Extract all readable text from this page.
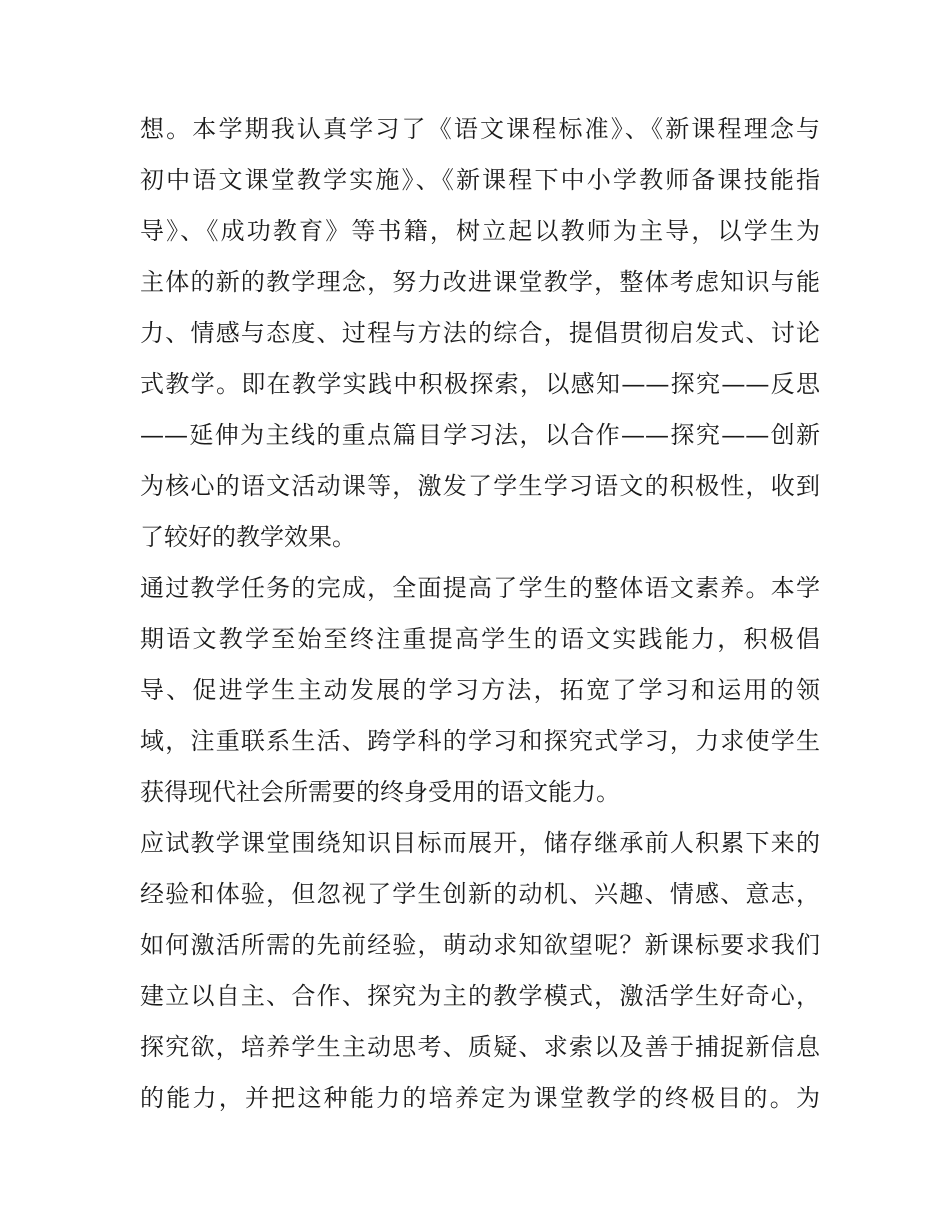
想。本学期我认真学习了《语文课程标准》、《新课程理念与
初中语文课堂教学实施》、《新课程下中小学教师备课技能指
导》、《成功教育》等书籍，树立起以教师为主导，以学生为
主体的新的教学理念，努力改进课堂教学，整体考虑知识与能
力、情感与态度、过程与方法的综合，提倡贯彻启发式、讨论
式教学。即在教学实践中积极探索，以感知——探究——反思
——延伸为主线的重点篇目学习法，以合作——探究——创新
为核心的语文活动课等，激发了学生学习语文的积极性，收到
了较好的教学效果。
通过教学任务的完成，全面提高了学生的整体语文素养。本学
期语文教学至始至终注重提高学生的语文实践能力，积极倡
导、促进学生主动发展的学习方法，拓宽了学习和运用的领
域，注重联系生活、跨学科的学习和探究式学习，力求使学生
获得现代社会所需要的终身受用的语文能力。
应试教学课堂围绕知识目标而展开，储存继承前人积累下来的
经验和体验，但忽视了学生创新的动机、兴趣、情感、意志，
如何激活所需的先前经验，萌动求知欲望呢？新课标要求我们
建立以自主、合作、探究为主的教学模式，激活学生好奇心，
探究欲，培养学生主动思考、质疑、求索以及善于捕捉新信息
的能力，并把这种能力的培养定为课堂教学的终极目的。为
